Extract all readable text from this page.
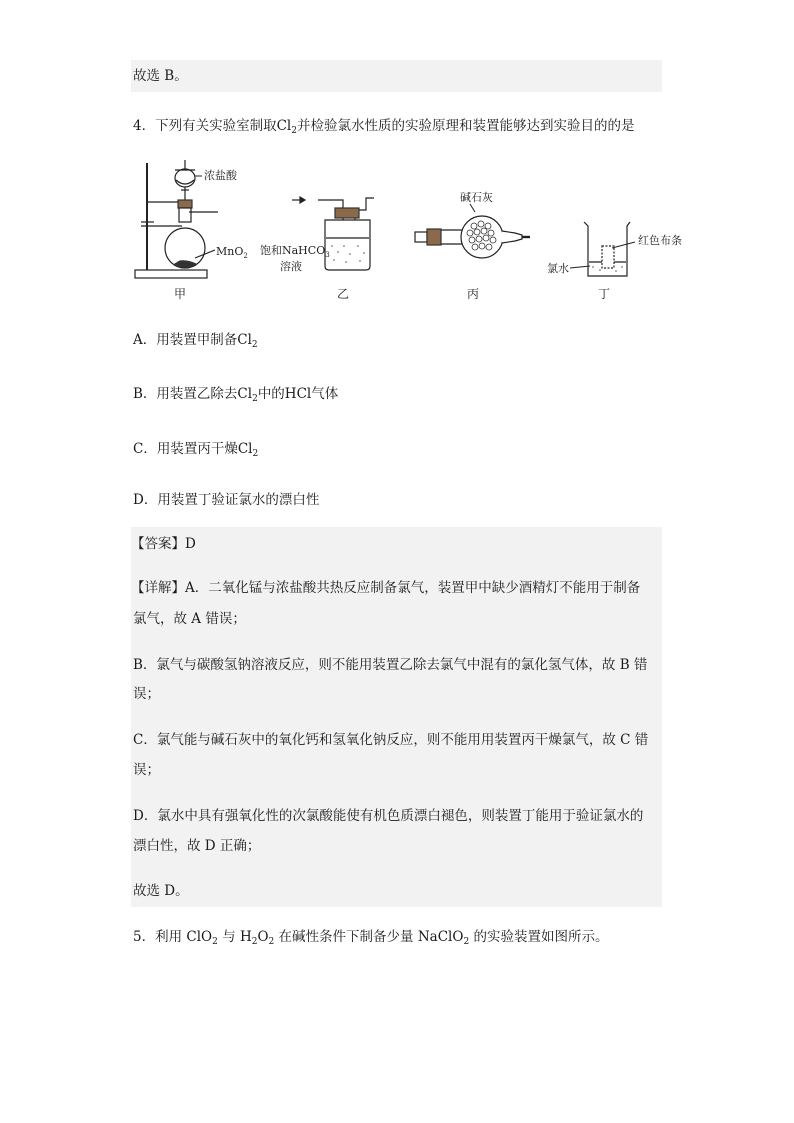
故选 B。
4．下列有关实验室制取$Cl_2$并检验氯水性质的实验原理和装置能够达到实验目的的是
浓盐酸
MnO$_2$
甲
饱和NaHCO$_3$
溶液
乙
碱石灰
丙
红色布条
氯水
丁
A．用装置甲制备$Cl_2$
B．用装置乙除去$Cl_2$中的HCl气体
C．用装置丙干燥$Cl_2$
D．用装置丁验证氯水的漂白性
【答案】D
【详解】A．二氧化锰与浓盐酸共热反应制备氯气，装置甲中缺少酒精灯不能用于制备
氯气，故 A 错误；
B．氯气与碳酸氢钠溶液反应，则不能用装置乙除去氯气中混有的氯化氢气体，故 B 错
误；
C．氯气能与碱石灰中的氧化钙和氢氧化钠反应，则不能用用装置丙干燥氯气，故 C 错
误；
D．氯水中具有强氧化性的次氯酸能使有机色质漂白褪色，则装置丁能用于验证氯水的
漂白性，故 D 正确；
故选 D。
5．利用 ClO$_2$ 与 $H_2O_2$ 在碱性条件下制备少量 NaClO$_2$ 的实验装置如图所示。
